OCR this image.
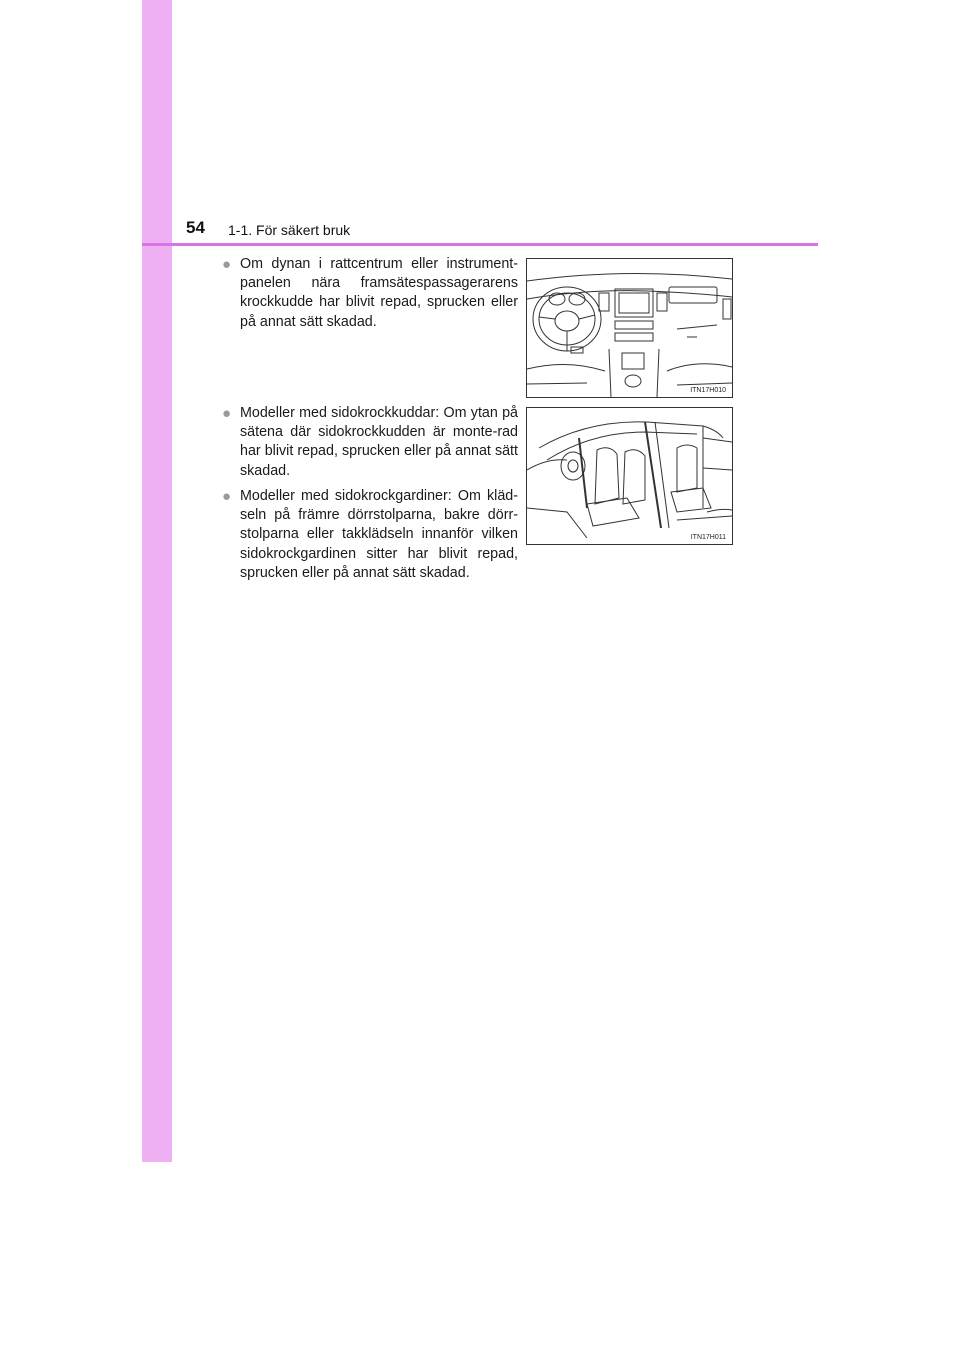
54 1-1. För säkert bruk
● Om dynan i rattcentrum eller instrument-panelen nära framsätespassagerarens krockkudde har blivit repad, sprucken eller på annat sätt skadad.
● Modeller med sidokrockkuddar: Om ytan på sätena där sidokrockkudden är monte-rad har blivit repad, sprucken eller på annat sätt skadad.
● Modeller med sidokrockgardiner: Om kläd-seln på främre dörrstolparna, bakre dörr-stolparna eller takklädseln innanför vilken sidokrockgardinen sitter har blivit repad, sprucken eller på annat sätt skadad.
ITN17H010
ITN17H011
